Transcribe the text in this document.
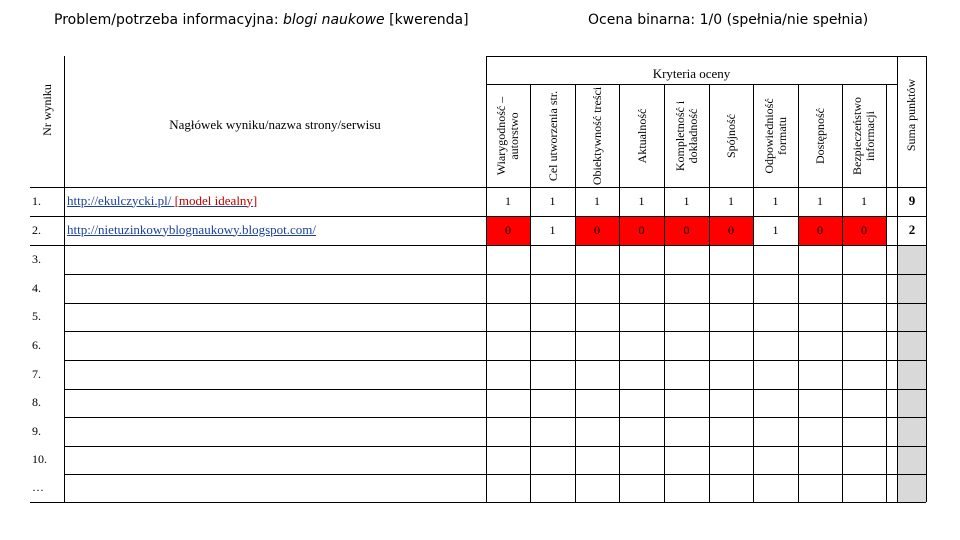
Problem/potrzeba informacyjna: blogi naukowe [kwerenda]	Ocena binarna: 1/0 (spełnia/nie spełnia)
Nr wyniku	Nagłówek wyniku/nazwa strony/serwisu
Kryteria oceny
Wiarygodność – autorstwo	Cel utworzenia str.	Obiektywność treści	Aktualność	Kompletność i dokładność	Spójność	Odpowiedniość formatu	Dostępność	Bezpieczeństwo informacji	Suma punktów
1. http://ekulczycki.pl/ [model idealny]	1	1	1	1	1	1	1	1	1	9
2. http://nietuzinkowyblognaukowy.blogspot.com/	0	1	0	0	0	0	1	0	0	2
3.
4.
5.
6.
7.
8.
9.
10.
…
